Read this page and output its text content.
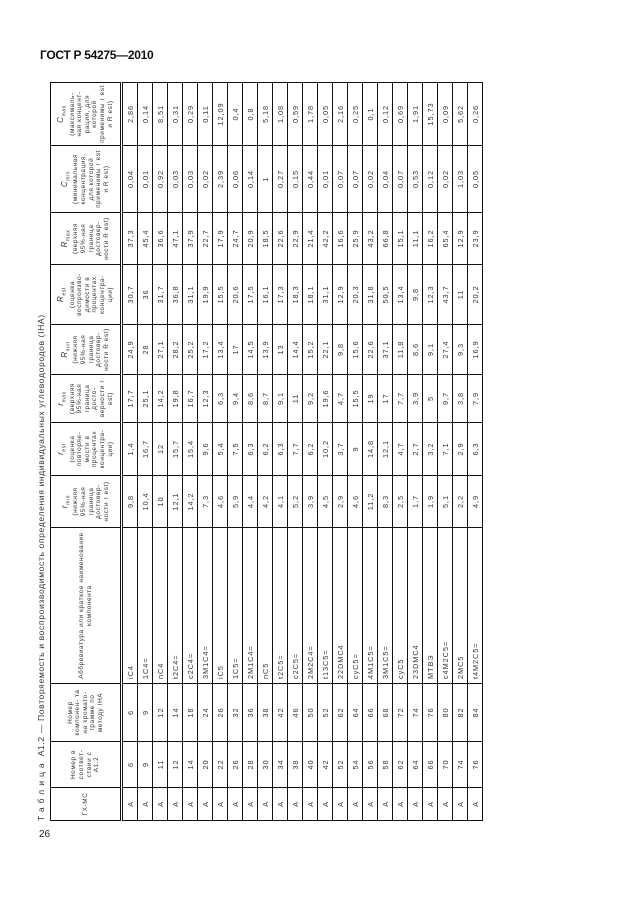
ГОСТ Р 54275—2010
Таблица А1.2 — Повторяемость и воспроизводимость определения индивидуальных углеводородов (IHA)
ГХ-МС	Номер в соответ- ствии с А1.2	Номер компонен- та на хромато- грамме по методу IHA	Аббревиатура или краткое наименование компонента	$r_{min}$ (нижняя 95%-ная граница достовер- ности r est)	$r_{est}$ (оценка повторяе- мости в процентах концентра- ции)	$r_{max}$ (верхняя 95%-ная граница досто- верности r est)	$R_{min}$ (нижняя 95%-ная граница достовер- ности R est)	$R_{est}$ (оценка воспроизво- димости в процентах концентра- ции)	$R_{max}$ (верхняя 95%-ная граница достовер- ности R est)	$C_{min}$ (минимальная концентрация, для которой применимы r est и R est)	$C_{max}$ (максималь- ная концент- рация, для которой применимы r est и R est)
А	6	6	iC4	9,8	1,4	17,7	24,9	30,7	37,3	0,04	2,86
А	9	9	1C4=	10,4	16,7	25,1	28	36	45,4	0,01	0,14
А	11	12	nC4	10	12	14,2	27,1	31,7	36,6	0,92	8,51
А	12	14	t2C4=	12,1	15,7	19,8	28,2	36,8	47,1	0,03	0,31
А	14	18	c2C4=	14,2	15,4	16,7	25,2	31,1	37,9	0,03	0,29
А	20	24	3M1C4=	7,3	9,6	12,3	17,2	19,9	22,7	0,02	0,11
А	22	26	iC5	4,6	5,4	6,3	13,4	15,5	17,9	2,39	12,09
А	26	32	1C5=	5,9	7,5	9,4	17	20,6	24,7	0,06	0,4
А	28	36	2M1C4=	4,4	6,3	8,6	14,5	17,5	20,9	0,14	0,8
А	30	38	nC5	4,2	6,2	8,7	13,9	16,1	18,5	1	5,18
А	34	42	t2C5=	4,1	6,3	9,1	13	17,3	22,6	0,27	1,08
А	38	46	c2C5=	5,2	7,7	11	14,4	18,3	22,9	0,15	0,59
А	40	50	2M2C4=	3,9	6,2	9,2	15,2	18,1	21,4	0,44	1,78
А	42	52	t13C5=	4,5	10,2	19,6	22,1	31,1	42,2	0,01	0,05
А	52	62	22DMC4	2,9	3,7	4,7	9,8	12,9	16,6	0,07	2,16
А	54	64	cyC5=	4,6	9	15,5	15,6	20,3	25,9	0,07	0,25
А	56	66	4M1C5=	11,2	14,8	19	22,6	31,8	43,2	0,02	0,1
А	58	68	3M1C5=	8,3	12,1	17	37,1	50,5	66,8	0,04	0,12
А	62	72	cyC5	2,5	4,7	7,7	11,8	13,4	15,1	0,07	0,69
А	64	74	23DMC4	1,7	2,7	3,9	8,6	9,8	11,1	0,53	1,91
А	66	76	MTBЭ	1,9	3,2	5	9,1	12,3	16,2	0,12	15,73
А	70	80	c4M2C5=	5,1	7,1	9,7	27,4	43,7	65,4	0,02	0,09
А	74	82	2MC5	2,2	2,9	3,8	9,3	11	12,9	1,03	5,62
А	76	84	t4M2C5=	4,9	6,3	7,9	16,9	20,2	23,9	0,05	0,26
26
